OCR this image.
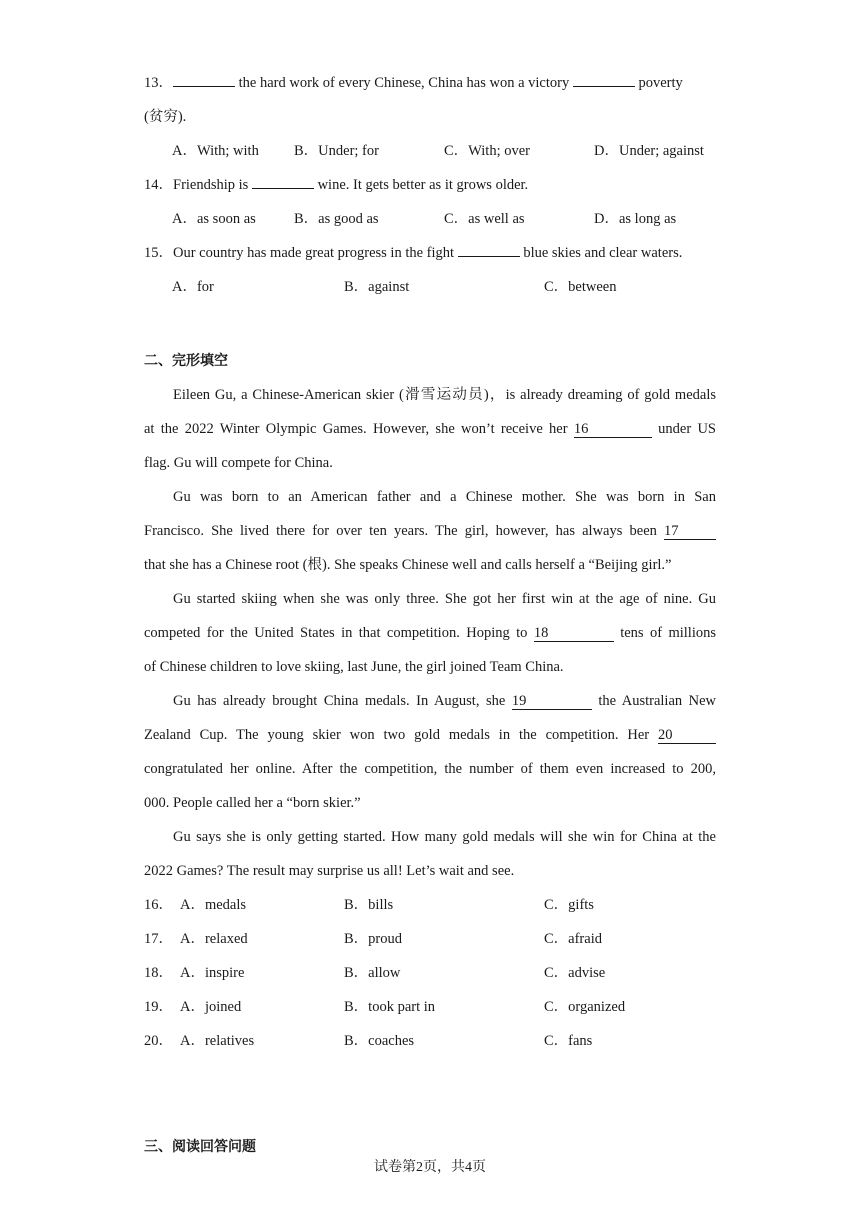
13．	the hard work of every Chinese, China has won a victory	poverty
(贫穷).
A．With; with	B．Under; for	C．With; over	D．Under; against
14．Friendship is	wine. It gets better as it grows older.
A．as soon as	B．as good as	C．as well as	D．as long as
15．Our country has made great progress in the fight	blue skies and clear waters.
A．for	B．against	C．between
二、完形填空
Eileen Gu, a Chinese-American skier (滑雪运动员)，is already dreaming of gold medals
at the 2022 Winter Olympic Games. However, she won’t receive her 16	under US
flag. Gu will compete for China.
Gu was born to an American father and a Chinese mother. She was born in San
Francisco. She lived there for over ten years. The girl, however, has always been 17
that she has a Chinese root (根). She speaks Chinese well and calls herself a “Beijing girl.”
Gu started skiing when she was only three. She got her first win at the age of nine. Gu
competed for the United States in that competition. Hoping to 18	tens of millions
of Chinese children to love skiing, last June, the girl joined Team China.
Gu has already brought China medals. In August, she 19	the Australian New
Zealand Cup. The young skier won two gold medals in the competition. Her 20
congratulated her online. After the competition, the number of them even increased to 200,
000. People called her a “born skier.”
Gu says she is only getting started. How many gold medals will she win for China at the
2022 Games? The result may surprise us all! Let’s wait and see.
16． A．medals	B．bills	C．gifts
17． A．relaxed	B．proud	C．afraid
18． A．inspire	B．allow	C．advise
19． A．joined	B．took part in	C．organized
20． A．relatives	B．coaches	C．fans
三、阅读回答问题
试卷第2页，共4页
